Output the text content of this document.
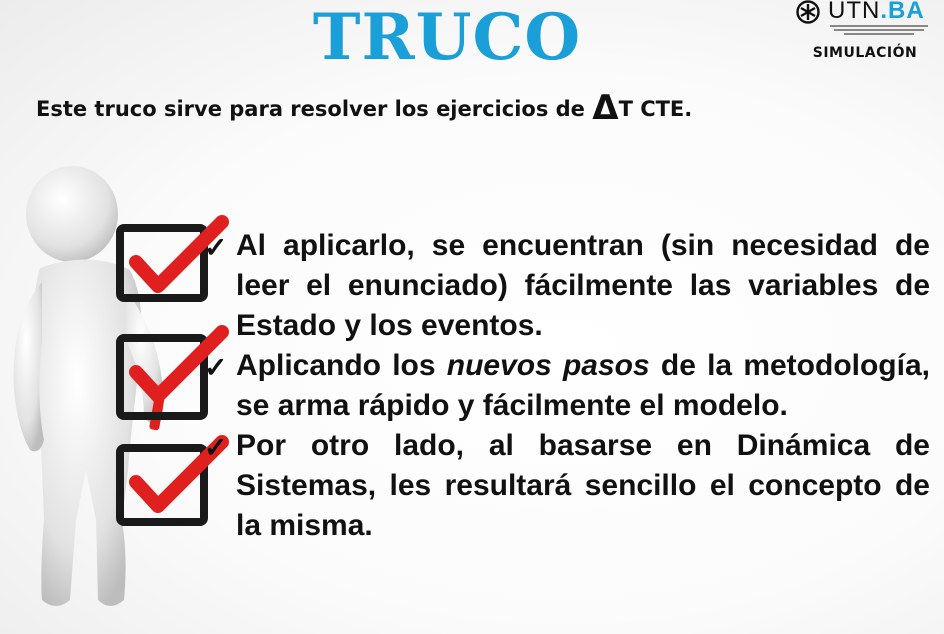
TRUCO	UTN.BA
SIMULACIÓN
Este truco sirve para resolver los ejercicios de ΔT CTE.
✓ Al aplicarlo, se encuentran (sin necesidad de leer el enunciado) fácilmente las variables de Estado y los eventos.
✓ Aplicando los nuevos pasos de la metodología, se arma rápido y fácilmente el modelo.
✓ Por otro lado, al basarse en Dinámica de Sistemas, les resultará sencillo el concepto de la misma.
